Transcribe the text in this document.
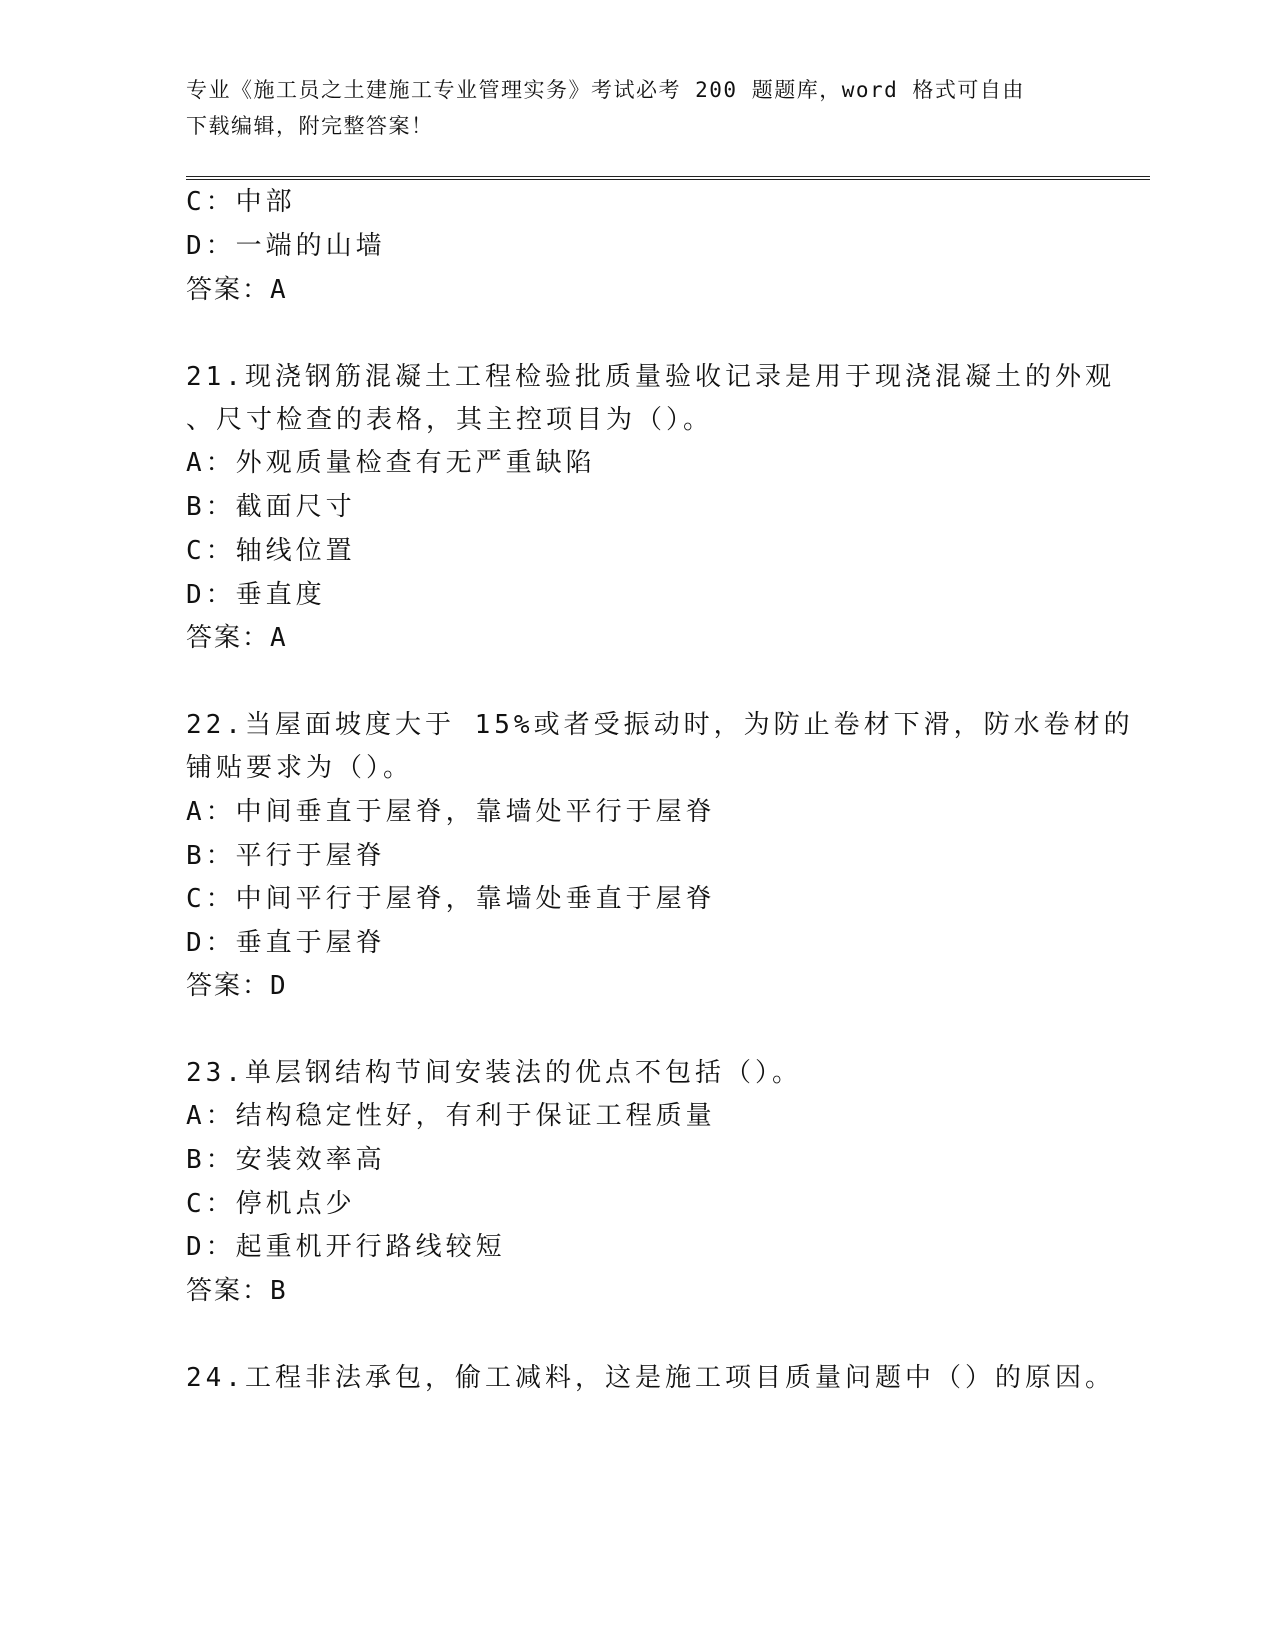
专业《施工员之土建施工专业管理实务》考试必考 200 题题库，word 格式可自由
下载编辑，附完整答案！
C：中部
D：一端的山墙
答案：A
21.现浇钢筋混凝土工程检验批质量验收记录是用于现浇混凝土的外观
、尺寸检查的表格，其主控项目为（）。
A：外观质量检查有无严重缺陷
B：截面尺寸
C：轴线位置
D：垂直度
答案：A
22.当屋面坡度大于 15%或者受振动时，为防止卷材下滑，防水卷材的
铺贴要求为（）。
A：中间垂直于屋脊，靠墙处平行于屋脊
B：平行于屋脊
C：中间平行于屋脊，靠墙处垂直于屋脊
D：垂直于屋脊
答案：D
23.单层钢结构节间安装法的优点不包括（）。
A：结构稳定性好，有利于保证工程质量
B：安装效率高
C：停机点少
D：起重机开行路线较短
答案：B
24.工程非法承包，偷工减料，这是施工项目质量问题中（）的原因。
